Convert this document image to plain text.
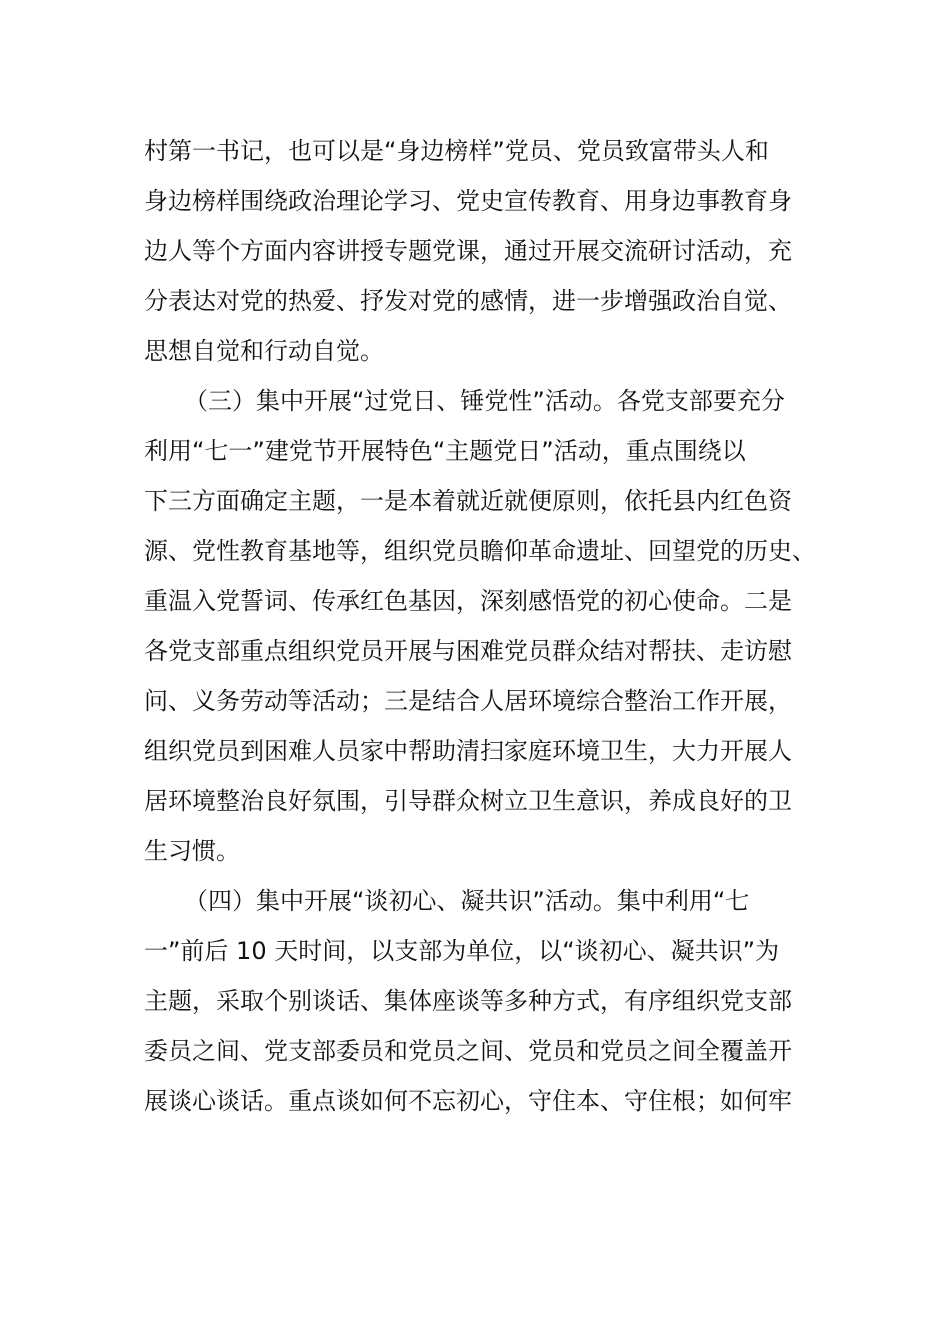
村第一书记，也可以是“身边榜样”党员、党员致富带头人和
身边榜样围绕政治理论学习、党史宣传教育、用身边事教育身
边人等个方面内容讲授专题党课，通过开展交流研讨活动，充
分表达对党的热爱、抒发对党的感情，进一步增强政治自觉、
思想自觉和行动自觉。
（三）集中开展“过党日、锤党性”活动。各党支部要充分
利用“七一”建党节开展特色“主题党日”活动，重点围绕以
下三方面确定主题，一是本着就近就便原则，依托县内红色资
源、党性教育基地等，组织党员瞻仰革命遗址、回望党的历史、
重温入党誓词、传承红色基因，深刻感悟党的初心使命。二是
各党支部重点组织党员开展与困难党员群众结对帮扶、走访慰
问、义务劳动等活动；三是结合人居环境综合整治工作开展，
组织党员到困难人员家中帮助清扫家庭环境卫生，大力开展人
居环境整治良好氛围，引导群众树立卫生意识，养成良好的卫
生习惯。
（四）集中开展“谈初心、凝共识”活动。集中利用“七
一”前后 10 天时间，以支部为单位，以“谈初心、凝共识”为
主题，采取个别谈话、集体座谈等多种方式，有序组织党支部
委员之间、党支部委员和党员之间、党员和党员之间全覆盖开
展谈心谈话。重点谈如何不忘初心，守住本、守住根；如何牢
